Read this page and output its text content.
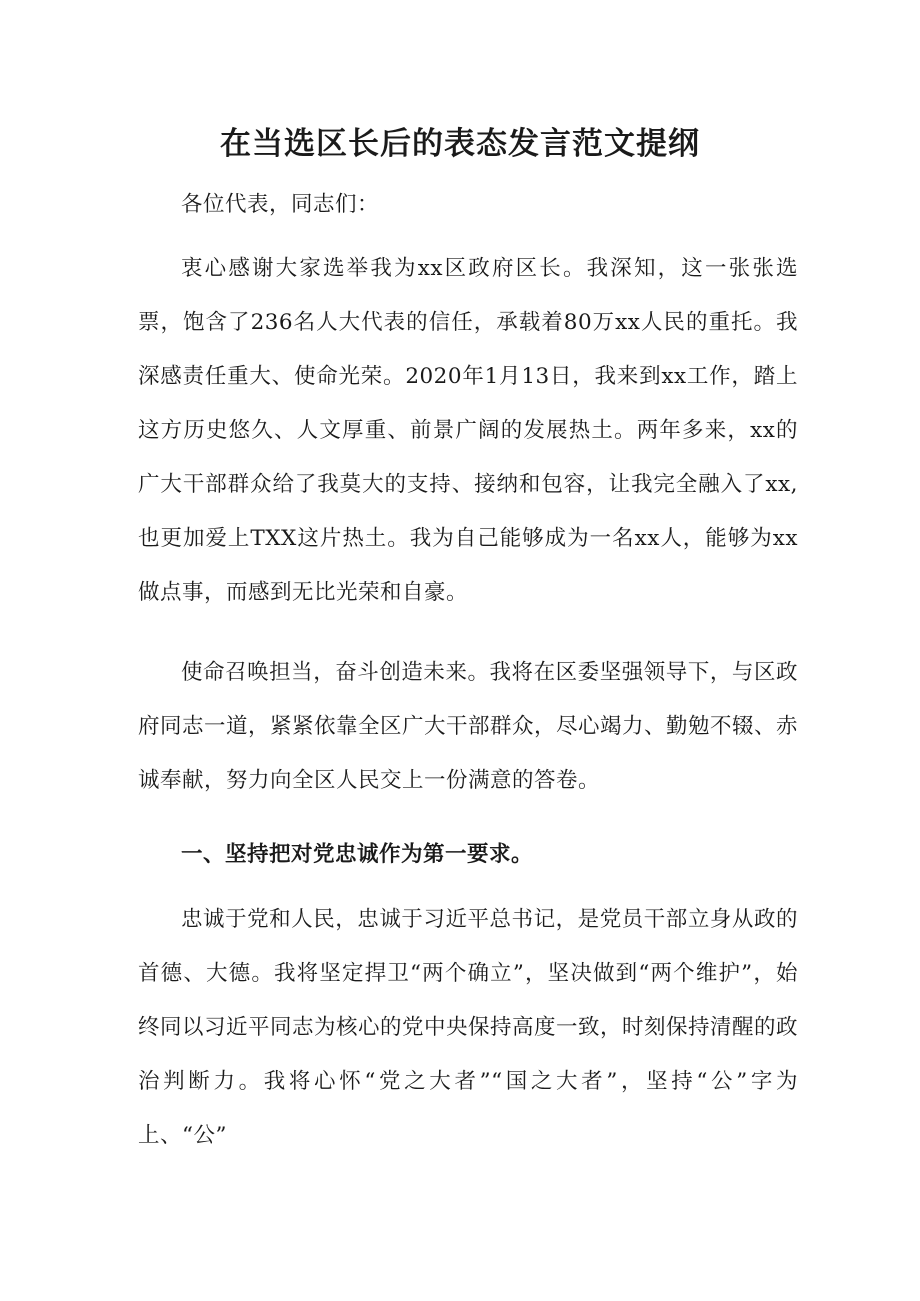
在当选区长后的表态发言范文提纲

各位代表，同志们：

衷心感谢大家选举我为xx区政府区长。我深知，这一张张选票，饱含了236名人大代表的信任，承载着80万xx人民的重托。我深感责任重大、使命光荣。2020年1月13日，我来到xx工作，踏上这方历史悠久、人文厚重、前景广阔的发展热土。两年多来，xx的广大干部群众给了我莫大的支持、接纳和包容，让我完全融入了xx,也更加爱上TXX这片热土。我为自己能够成为一名xx人，能够为xx做点事，而感到无比光荣和自豪。

使命召唤担当，奋斗创造未来。我将在区委坚强领导下，与区政府同志一道，紧紧依靠全区广大干部群众，尽心竭力、勤勉不辍、赤诚奉献，努力向全区人民交上一份满意的答卷。

一、坚持把对党忠诚作为第一要求。

忠诚于党和人民，忠诚于习近平总书记，是党员干部立身从政的首德、大德。我将坚定捍卫“两个确立”，坚决做到“两个维护”，始终同以习近平同志为核心的党中央保持高度一致，时刻保持清醒的政治判断力。我将心怀“党之大者”“国之大者”，坚持“公”字为上、“公”
